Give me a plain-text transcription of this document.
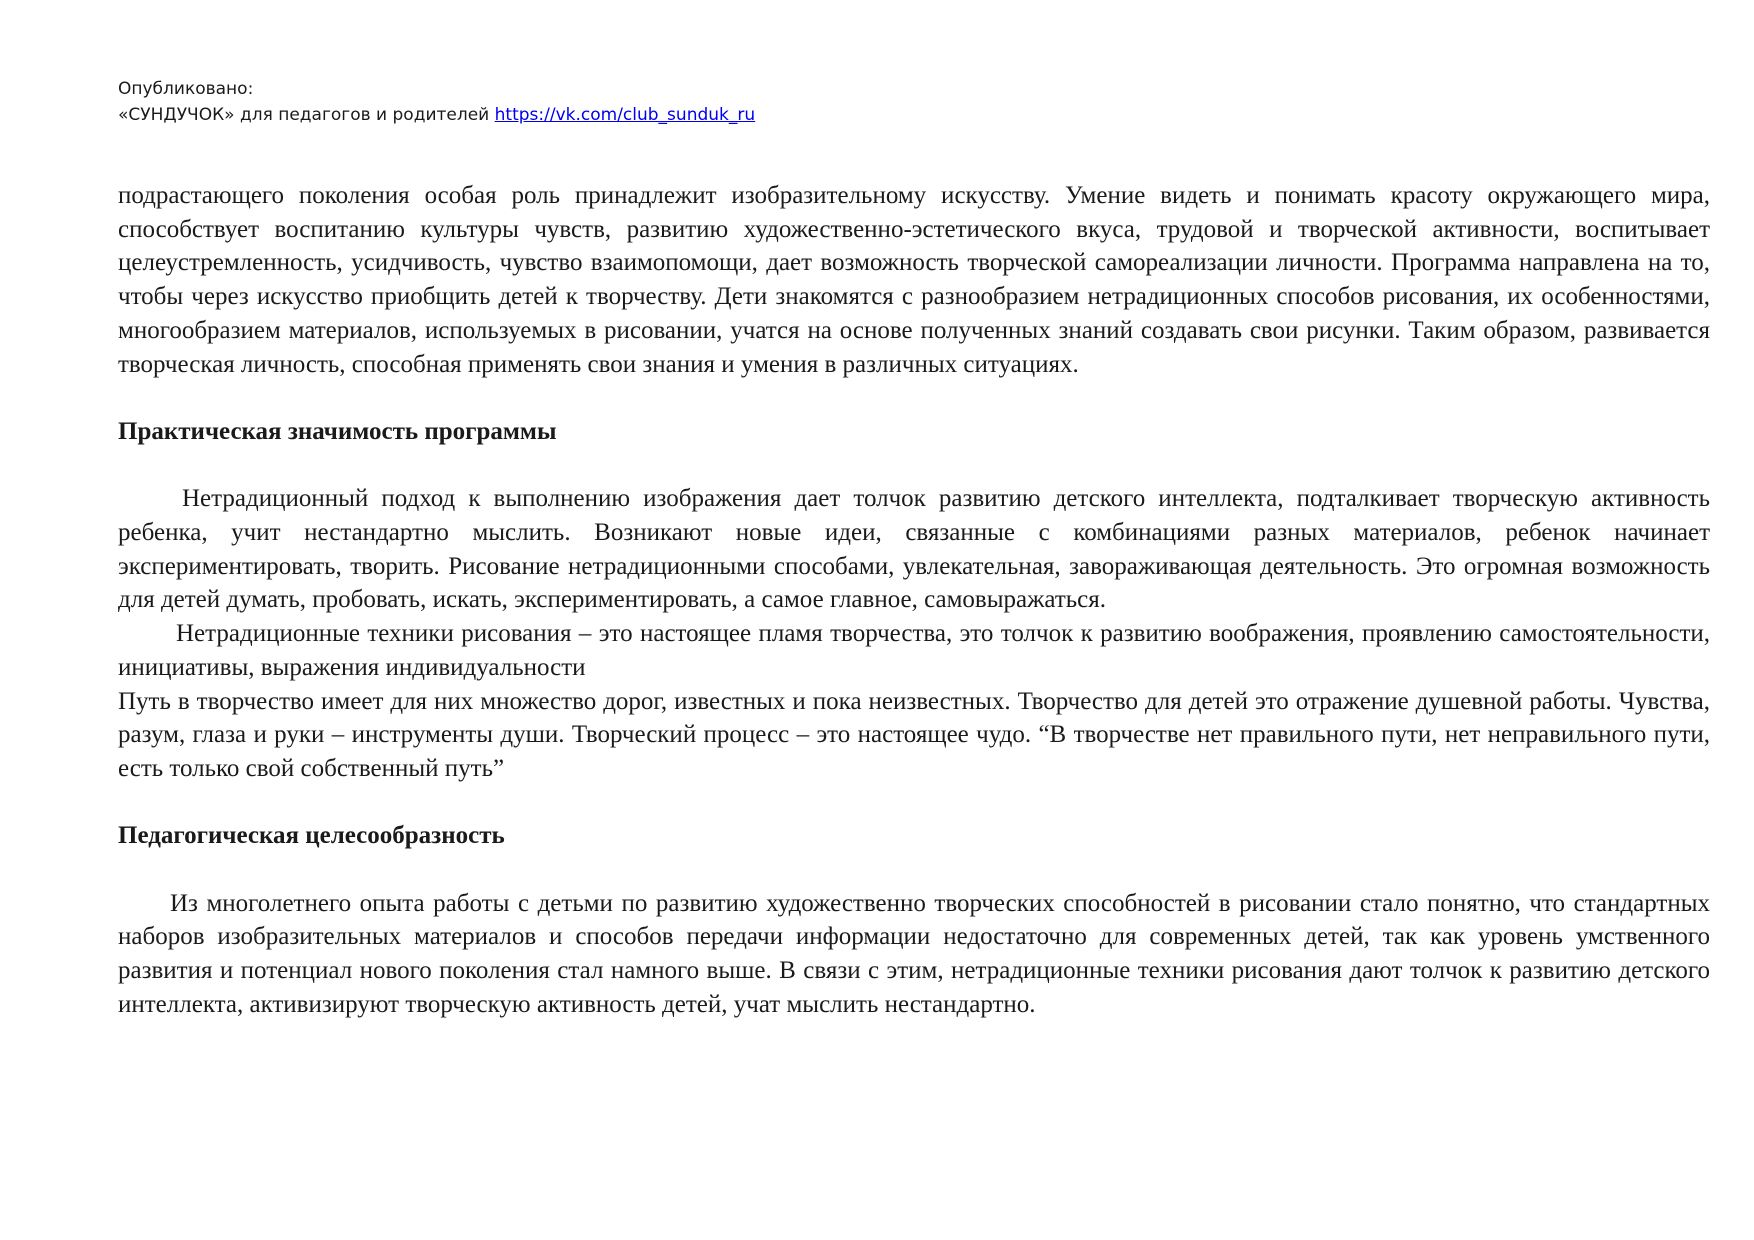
Опубликовано:
«СУНДУЧОК» для педагогов и родителей https://vk.com/club_sunduk_ru

подрастающего поколения особая роль принадлежит изобразительному искусству. Умение видеть и понимать красоту окружающего мира, способствует воспитанию культуры чувств, развитию художественно-эстетического вкуса, трудовой и творческой активности, воспитывает целеустремленность, усидчивость, чувство взаимопомощи, дает возможность творческой самореализации личности. Программа направлена на то, чтобы через искусство приобщить детей к творчеству. Дети знакомятся с разнообразием нетрадиционных способов рисования, их особенностями, многообразием материалов, используемых в рисовании, учатся на основе полученных знаний создавать свои рисунки. Таким образом, развивается творческая личность, способная применять свои знания и умения в различных ситуациях.

Практическая значимость программы

Нетрадиционный подход к выполнению изображения дает толчок развитию детского интеллекта, подталкивает творческую активность ребенка, учит нестандартно мыслить. Возникают новые идеи, связанные с комбинациями разных материалов, ребенок начинает экспериментировать, творить. Рисование нетрадиционными способами, увлекательная, завораживающая деятельность. Это огромная возможность для детей думать, пробовать, искать, экспериментировать, а самое главное, самовыражаться.

Нетрадиционные техники рисования – это настоящее пламя творчества, это толчок к развитию воображения, проявлению самостоятельности, инициативы, выражения индивидуальности

Путь в творчество имеет для них множество дорог, известных и пока неизвестных. Творчество для детей это отражение душевной работы. Чувства, разум, глаза и руки – инструменты души. Творческий процесс – это настоящее чудо. “В творчестве нет правильного пути, нет неправильного пути, есть только свой собственный путь”

Педагогическая целесообразность

Из многолетнего опыта работы с детьми по развитию художественно творческих способностей в рисовании стало понятно, что стандартных наборов изобразительных материалов и способов передачи информации недостаточно для современных детей, так как уровень умственного развития и потенциал нового поколения стал намного выше. В связи с этим, нетрадиционные техники рисования дают толчок к развитию детского интеллекта, активизируют творческую активность детей, учат мыслить нестандартно.
